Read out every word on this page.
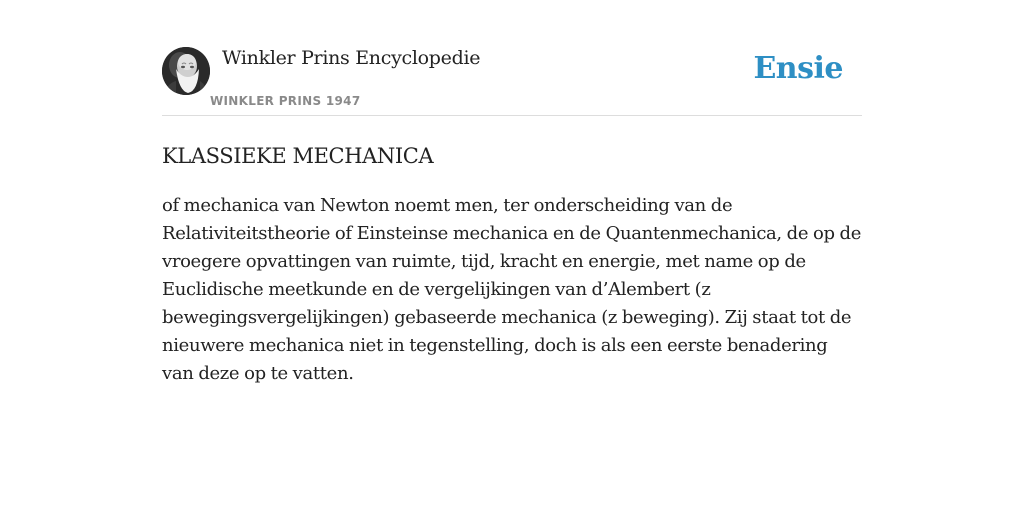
Winkler Prins Encyclopedie
WINKLER PRINS 1947
Ensie
KLASSIEKE MECHANICA

of mechanica van Newton noemt men, ter onderscheiding van de Relativiteitstheorie of Einsteinse mechanica en de Quantenmechanica, de op de vroegere opvattingen van ruimte, tijd, kracht en energie, met name op de Euclidische meetkunde en de vergelijkingen van d’Alembert (z bewegingsvergelijkingen) gebaseerde mechanica (z beweging). Zij staat tot de nieuwere mechanica niet in tegenstelling, doch is als een eerste benadering van deze op te vatten.
